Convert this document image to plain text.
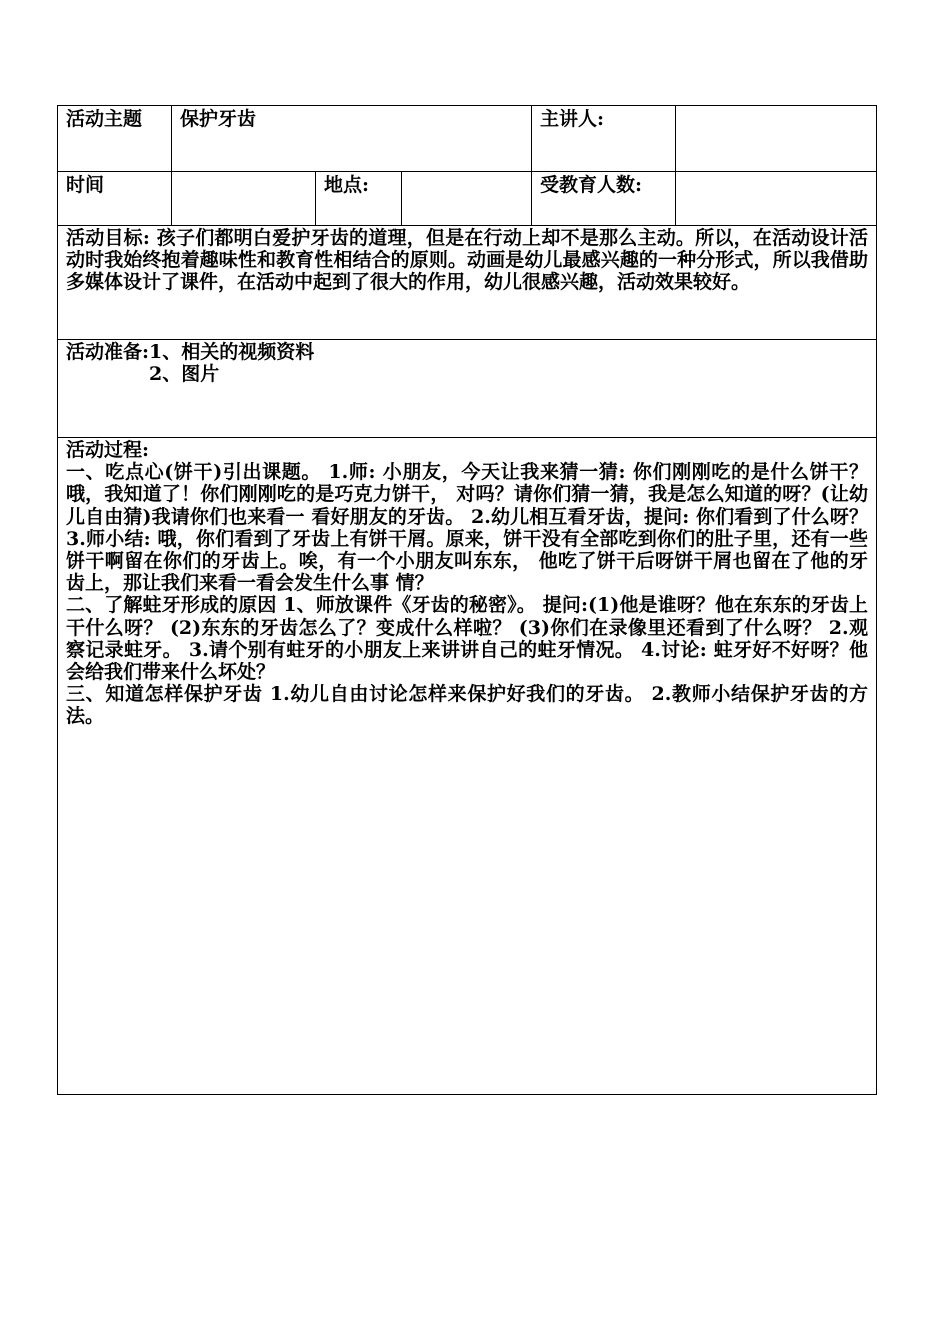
活动主题	保护牙齿	主讲人:
时间	地点:	受教育人数:

活动目标: 孩子们都明白爱护牙齿的道理，但是在行动上却不是那么主动。所以，在活动设计活动时我始终抱着趣味性和教育性相结合的原则。动画是幼儿最感兴趣的一种分形式，所以我借助多媒体设计了课件，在活动中起到了很大的作用，幼儿很感兴趣，活动效果较好。

活动准备: 1、相关的视频资料
2、图片

活动过程:

一、吃点心(饼干)引出课题。 1.师: 小朋友，今天让我来猜一猜: 你们刚刚吃的是什么饼干？ 哦，我知道了！你们刚刚吃的是巧克力饼干， 对吗？请你们猜一猜，我是怎么知道的呀？(让幼儿自由猜)我请你们也来看一 看好朋友的牙齿。 2.幼儿相互看牙齿，提问: 你们看到了什么呀？ 3.师小结: 哦，你们看到了牙齿上有饼干屑。原来，饼干没有全部吃到你们的肚子里，还有一些饼干啊留在你们的牙齿上。唉，有一个小朋友叫东东， 他吃了饼干后呀饼干屑也留在了他的牙齿上，那让我们来看一看会发生什么事 情？

二、了解蛀牙形成的原因 1、师放课件《牙齿的秘密》。 提问:(1)他是谁呀？他在东东的牙齿上干什么呀？ (2)东东的牙齿怎么了？变成什么样啦？ (3)你们在录像里还看到了什么呀？ 2.观察记录蛀牙。 3.请个别有蛀牙的小朋友上来讲讲自己的蛀牙情况。 4.讨论: 蛀牙好不好呀？他会给我们带来什么坏处？

三、知道怎样保护牙齿 1.幼儿自由讨论怎样来保护好我们的牙齿。 2.教师小结保护牙齿的方法。
